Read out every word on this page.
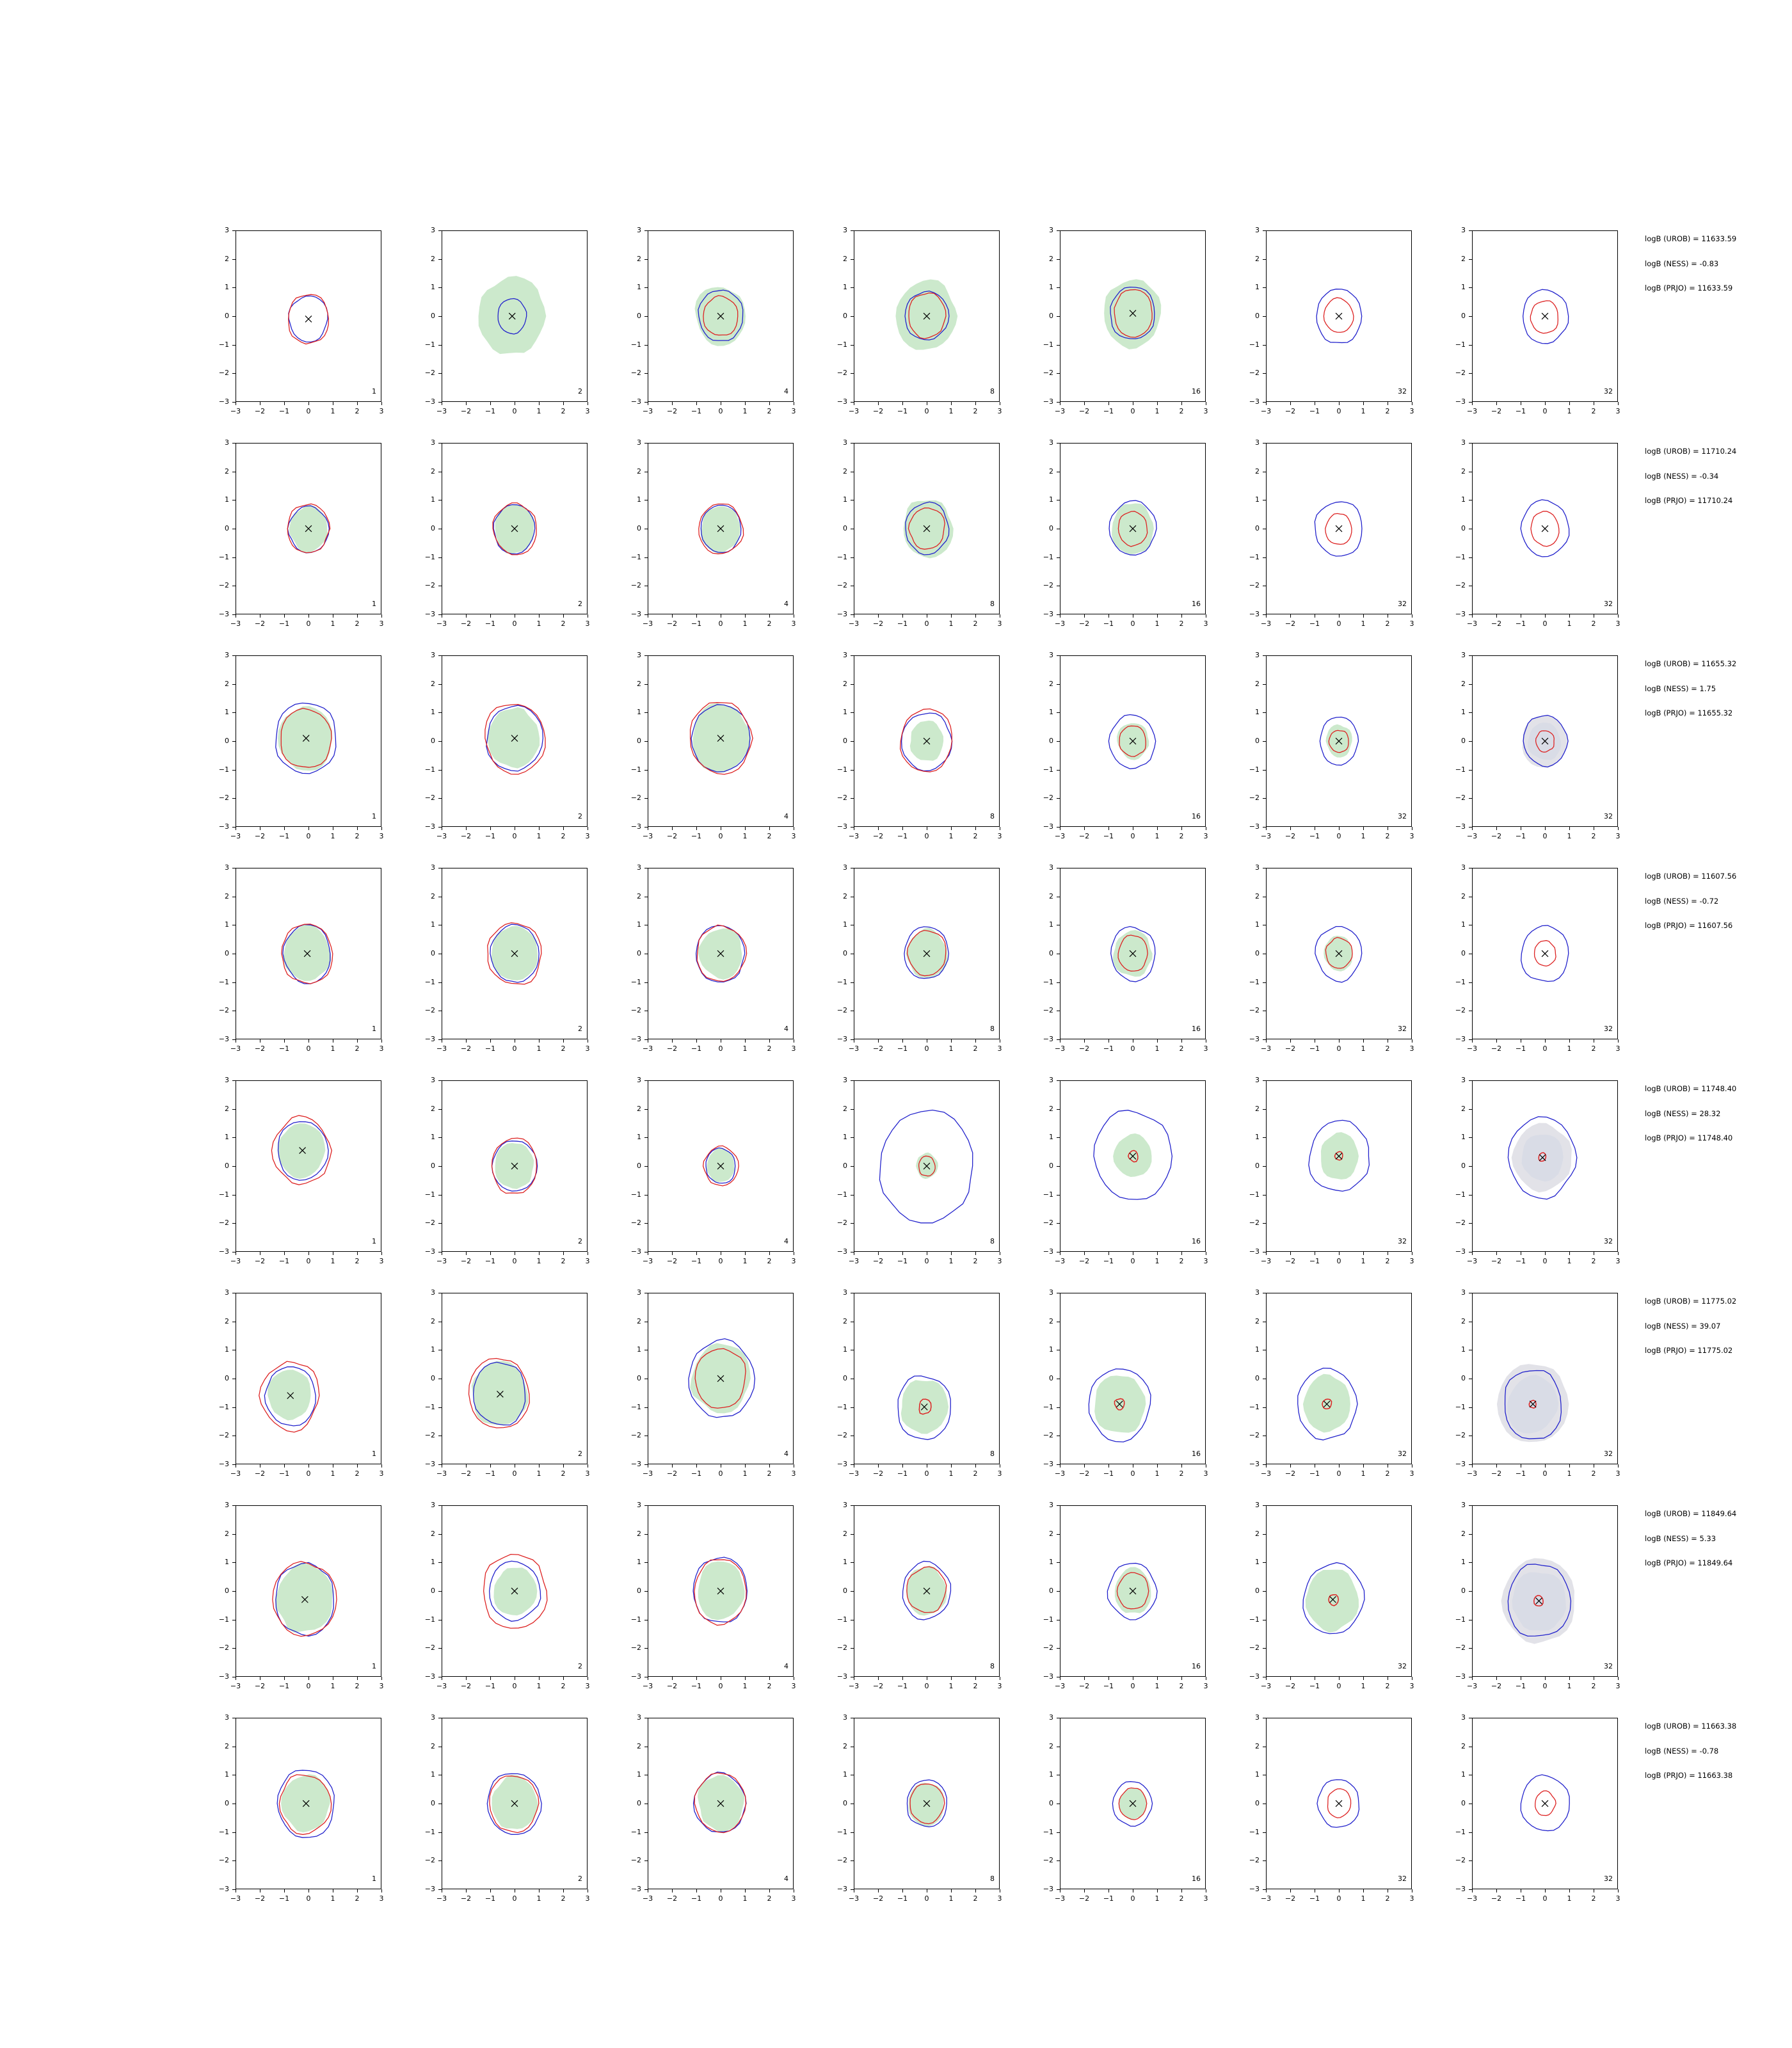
−3	−2	−1	0	1	2	3
−3
−2
−1
0
1
2
3
1
−3	−2	−1	0	1	2	3
−3
−2
−1
0
1
2
3
2
−3	−2	−1	0	1	2	3
−3
−2
−1
0
1
2
3
4
−3	−2	−1	0	1	2	3
−3
−2
−1
0
1
2
3
8
−3	−2	−1	0	1	2	3
−3
−2
−1
0
1
2
3
16
−3	−2	−1	0	1	2	3
−3
−2
−1
0
1
2
3
32
−3	−2	−1	0	1	2	3
−3
−2
−1
0
1
2
3
32
−3	−2	−1	0	1	2	3
−3
−2
−1
0
1
2
3
1
−3	−2	−1	0	1	2	3
−3
−2
−1
0
1
2
3
2
−3	−2	−1	0	1	2	3
−3
−2
−1
0
1
2
3
4
−3	−2	−1	0	1	2	3
−3
−2
−1
0
1
2
3
8
−3	−2	−1	0	1	2	3
−3
−2
−1
0
1
2
3
16
−3	−2	−1	0	1	2	3
−3
−2
−1
0
1
2
3
32
−3	−2	−1	0	1	2	3
−3
−2
−1
0
1
2
3
32
−3	−2	−1	0	1	2	3
−3
−2
−1
0
1
2
3
1
−3	−2	−1	0	1	2	3
−3
−2
−1
0
1
2
3
2
−3	−2	−1	0	1	2	3
−3
−2
−1
0
1
2
3
4
−3	−2	−1	0	1	2	3
−3
−2
−1
0
1
2
3
8
−3	−2	−1	0	1	2	3
−3
−2
−1
0
1
2
3
16
−3	−2	−1	0	1	2	3
−3
−2
−1
0
1
2
3
32
−3	−2	−1	0	1	2	3
−3
−2
−1
0
1
2
3
32
−3	−2	−1	0	1	2	3
−3
−2
−1
0
1
2
3
1
−3	−2	−1	0	1	2	3
−3
−2
−1
0
1
2
3
2
−3	−2	−1	0	1	2	3
−3
−2
−1
0
1
2
3
4
−3	−2	−1	0	1	2	3
−3
−2
−1
0
1
2
3
8
−3	−2	−1	0	1	2	3
−3
−2
−1
0
1
2
3
16
−3	−2	−1	0	1	2	3
−3
−2
−1
0
1
2
3
32
−3	−2	−1	0	1	2	3
−3
−2
−1
0
1
2
3
32
−3	−2	−1	0	1	2	3
−3
−2
−1
0
1
2
3
1
−3	−2	−1	0	1	2	3
−3
−2
−1
0
1
2
3
2
−3	−2	−1	0	1	2	3
−3
−2
−1
0
1
2
3
4
−3	−2	−1	0	1	2	3
−3
−2
−1
0
1
2
3
8
−3	−2	−1	0	1	2	3
−3
−2
−1
0
1
2
3
16
−3	−2	−1	0	1	2	3
−3
−2
−1
0
1
2
3
32
−3	−2	−1	0	1	2	3
−3
−2
−1
0
1
2
3
32
−3	−2	−1	0	1	2	3
−3
−2
−1
0
1
2
3
1
−3	−2	−1	0	1	2	3
−3
−2
−1
0
1
2
3
2
−3	−2	−1	0	1	2	3
−3
−2
−1
0
1
2
3
4
−3	−2	−1	0	1	2	3
−3
−2
−1
0
1
2
3
8
−3	−2	−1	0	1	2	3
−3
−2
−1
0
1
2
3
16
−3	−2	−1	0	1	2	3
−3
−2
−1
0
1
2
3
32
−3	−2	−1	0	1	2	3
−3
−2
−1
0
1
2
3
32
−3	−2	−1	0	1	2	3
−3
−2
−1
0
1
2
3
1
−3	−2	−1	0	1	2	3
−3
−2
−1
0
1
2
3
2
−3	−2	−1	0	1	2	3
−3
−2
−1
0
1
2
3
4
−3	−2	−1	0	1	2	3
−3
−2
−1
0
1
2
3
8
−3	−2	−1	0	1	2	3
−3
−2
−1
0
1
2
3
16
−3	−2	−1	0	1	2	3
−3
−2
−1
0
1
2
3
32
−3	−2	−1	0	1	2	3
−3
−2
−1
0
1
2
3
32
−3	−2	−1	0	1	2	3
−3
−2
−1
0
1
2
3
1
−3	−2	−1	0	1	2	3
−3
−2
−1
0
1
2
3
2
−3	−2	−1	0	1	2	3
−3
−2
−1
0
1
2
3
4
−3	−2	−1	0	1	2	3
−3
−2
−1
0
1
2
3
8
−3	−2	−1	0	1	2	3
−3
−2
−1
0
1
2
3
16
−3	−2	−1	0	1	2	3
−3
−2
−1
0
1
2
3
32
−3	−2	−1	0	1	2	3
−3
−2
−1
0
1
2
3
32
logB (UROB) = 11633.59
logB (NESS) = -0.83
logB (PRJO) = 11633.59
logB (UROB) = 11710.24
logB (NESS) = -0.34
logB (PRJO) = 11710.24
logB (UROB) = 11655.32
logB (NESS) = 1.75
logB (PRJO) = 11655.32
logB (UROB) = 11607.56
logB (NESS) = -0.72
logB (PRJO) = 11607.56
logB (UROB) = 11748.40
logB (NESS) = 28.32
logB (PRJO) = 11748.40
logB (UROB) = 11775.02
logB (NESS) = 39.07
logB (PRJO) = 11775.02
logB (UROB) = 11849.64
logB (NESS) = 5.33
logB (PRJO) = 11849.64
logB (UROB) = 11663.38
logB (NESS) = -0.78
logB (PRJO) = 11663.38
